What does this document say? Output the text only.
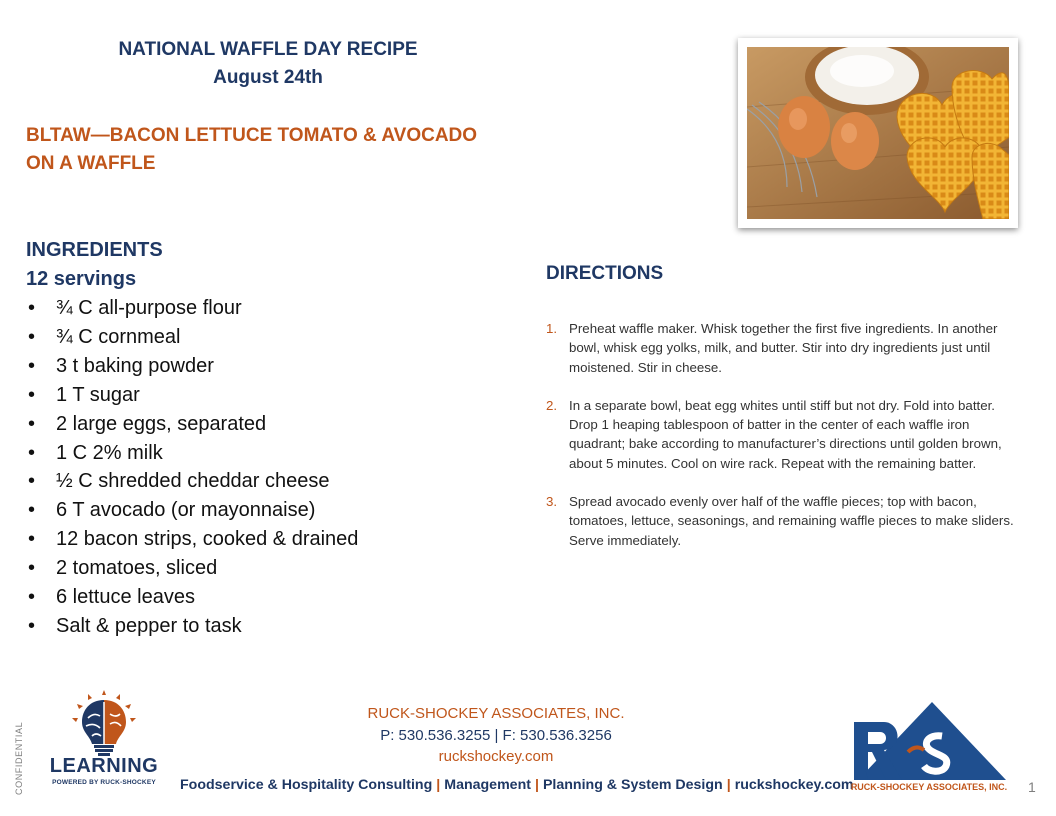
NATIONAL WAFFLE DAY RECIPE
August 24th
BLTAW—BACON LETTUCE TOMATO & AVOCADO
ON A WAFFLE
INGREDIENTS
12 servings
• ¾ C all-purpose flour
• ¾ C cornmeal
• 3 t baking powder
• 1 T sugar
• 2 large eggs, separated
• 1 C 2% milk
• ½ C shredded cheddar cheese
• 6 T avocado (or mayonnaise)
• 12 bacon strips, cooked & drained
• 2 tomatoes, sliced
• 6 lettuce leaves
• Salt & pepper to task
DIRECTIONS
1. Preheat waffle maker. Whisk together the first five ingredients. In another bowl, whisk egg yolks, milk, and butter. Stir into dry ingredients just until moistened. Stir in cheese.
2. In a separate bowl, beat egg whites until stiff but not dry. Fold into batter. Drop 1 heaping tablespoon of batter in the center of each waffle iron quadrant; bake according to manufacturer’s directions until golden brown, about 5 minutes. Cool on wire rack. Repeat with the remaining batter.
3. Spread avocado evenly over half of the waffle pieces; top with bacon, tomatoes, lettuce, seasonings, and remaining waffle pieces to make sliders. Serve immediately.
CONFIDENTIAL LEARNING
POWERED BY RUCK-SHOCKEY
RUCK-SHOCKEY ASSOCIATES, INC.
P: 530.536.3255 | F: 530.536.3256
ruckshockey.com
Foodservice & Hospitality Consulting | Management | Planning & System Design | ruckshockey.com
RUCK-SHOCKEY ASSOCIATES, INC. 1
